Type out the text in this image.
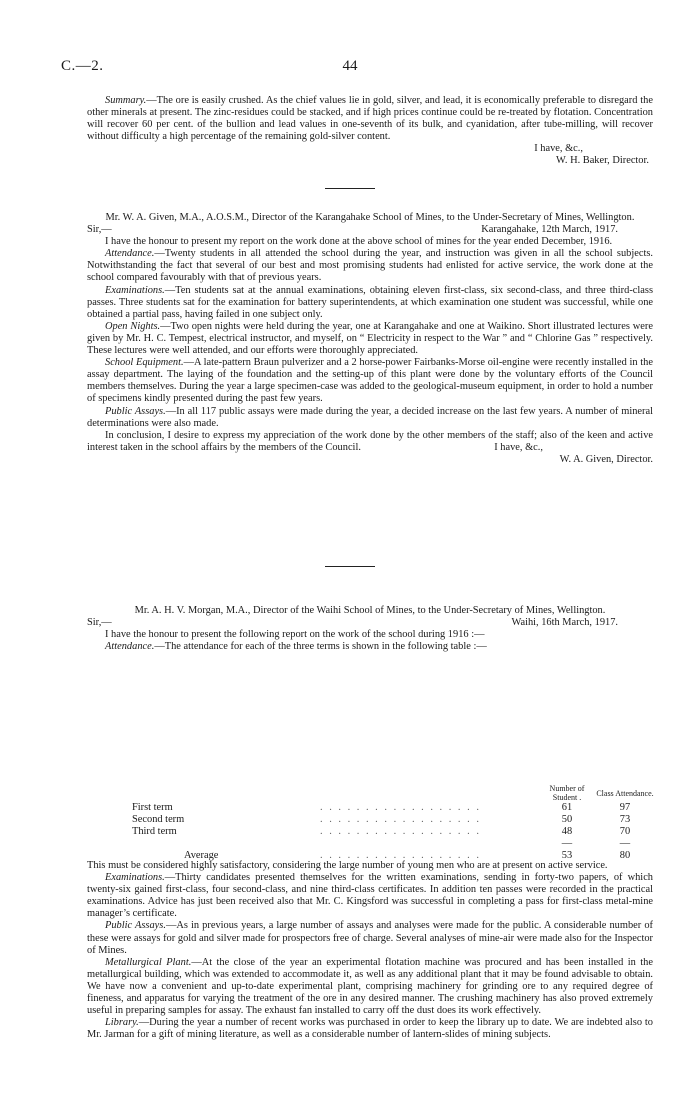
C.—2.	44

Summary.—The ore is easily crushed. As the chief values lie in gold, silver, and lead, it is economically preferable to disregard the other minerals at present. The zinc-residues could be stacked, and if high prices continue could be re-treated by flotation. Concentration will recover 60 per cent. of the bullion and lead values in one-seventh of its bulk, and cyanidation, after tube-milling, will recover without difficulty a high percentage of the remaining gold-silver content.

I have, &c.,
W. H. Baker, Director.

Mr. W. A. Given, M.A., A.O.S.M., Director of the Karangahake School of Mines, to the Under-Secretary of Mines, Wellington.

Sir,—	Karangahake, 12th March, 1917.

I have the honour to present my report on the work done at the above school of mines for the year ended December, 1916.

Attendance.—Twenty students in all attended the school during the year, and instruction was given in all the school subjects. Notwithstanding the fact that several of our best and most promising students had enlisted for active service, the work done at the school compared favourably with that of previous years.

Examinations.—Ten students sat at the annual examinations, obtaining eleven first-class, six second-class, and three third-class passes. Three students sat for the examination for battery superintendents, at which examination one student was successful, while one obtained a partial pass, having failed in one subject only.

Open Nights.—Two open nights were held during the year, one at Karangahake and one at Waikino. Short illustrated lectures were given by Mr. H. C. Tempest, electrical instructor, and myself, on “ Electricity in respect to the War ” and “ Chlorine Gas ” respectively. These lectures were well attended, and our efforts were thoroughly appreciated.

School Equipment.—A late-pattern Braun pulverizer and a 2 horse-power Fairbanks-Morse oil-engine were recently installed in the assay department. The laying of the foundation and the setting-up of this plant were done by the voluntary efforts of the Council members themselves. During the year a large specimen-case was added to the geological-museum equipment, in order to hold a number of specimens kindly presented during the past few years.

Public Assays.—In all 117 public assays were made during the year, a decided increase on the last few years. A number of mineral determinations were also made.

In conclusion, I desire to express my appreciation of the work done by the other members of the staff; also of the keen and active interest taken in the school affairs by the members of the Council.	I have, &c.,
W. A. Given, Director.

Mr. A. H. V. Morgan, M.A., Director of the Waihi School of Mines, to the Under-Secretary of Mines, Wellington.

Sir,—	Waihi, 16th March, 1917.

I have the honour to present the following report on the work of the school during 1916 :—

Attendance.—The attendance for each of the three terms is shown in the following table :—

		Number of Student .	Class Attendance.
First term	. . . . . . . . . . . . . . . . . .	61	97
Second term	. . . . . . . . . . . . . . . . . .	50	73
Third term	. . . . . . . . . . . . . . . . . .	48	70
		—	—
Average	. . . . . . . . . . . . . . . . . .	53	80

This must be considered highly satisfactory, considering the large number of young men who are at present on active service.

Examinations.—Thirty candidates presented themselves for the written examinations, sending in forty-two papers, of which twenty-six gained first-class, four second-class, and nine third-class certificates. In addition ten passes were recorded in the practical examinations. Advice has just been received also that Mr. C. Kingsford was successful in completing a pass for first-class metal-mine manager’s certificate.

Public Assays.—As in previous years, a large number of assays and analyses were made for the public. A considerable number of these were assays for gold and silver made for prospectors free of charge. Several analyses of mine-air were made also for the Inspector of Mines.

Metallurgical Plant.—At the close of the year an experimental flotation machine was procured and has been installed in the metallurgical building, which was extended to accommodate it, as well as any additional plant that it may be found advisable to obtain. We have now a convenient and up-to-date experimental plant, comprising machinery for grinding ore to any required degree of fineness, and apparatus for varying the treatment of the ore in any desired manner. The crushing machinery has also proved extremely useful in preparing samples for assay. The exhaust fan installed to carry off the dust does its work effectively.

Library.—During the year a number of recent works was purchased in order to keep the library up to date. We are indebted also to Mr. Jarman for a gift of mining literature, as well as a considerable number of lantern-slides of mining subjects.
